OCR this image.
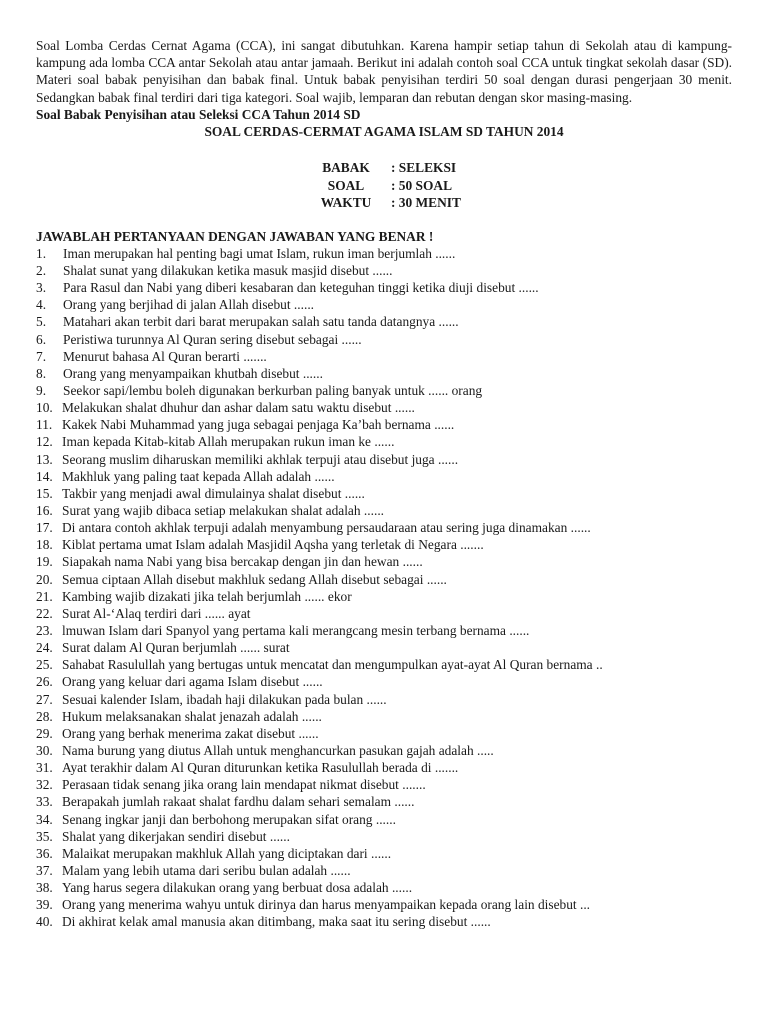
Soal Lomba Cerdas Cernat Agama (CCA), ini sangat dibutuhkan. Karena hampir setiap tahun di Sekolah atau di kampung-kampung ada lomba CCA antar Sekolah atau antar jamaah. Berikut ini adalah contoh soal CCA untuk tingkat sekolah dasar (SD). Materi soal babak penyisihan dan babak final. Untuk babak penyisihan terdiri 50 soal dengan durasi pengerjaan 30 menit. Sedangkan babak final terdiri dari tiga kategori. Soal wajib, lemparan dan rebutan dengan skor masing-masing.

Soal Babak Penyisihan atau Seleksi CCA Tahun 2014 SD

SOAL CERDAS-CERMAT AGAMA ISLAM SD TAHUN 2014

BABAK	: SELEKSI
SOAL	: 50 SOAL
WAKTU	: 30 MENIT

JAWABLAH PERTANYAAN DENGAN JAWABAN YANG BENAR !

1.	Iman merupakan hal penting bagi umat Islam, rukun iman berjumlah ......
2.	Shalat sunat yang dilakukan ketika masuk masjid disebut ......
3.	Para Rasul dan Nabi yang diberi kesabaran dan keteguhan tinggi ketika diuji disebut ......
4.	Orang yang berjihad di jalan Allah disebut ......
5.	Matahari akan terbit dari barat merupakan salah satu tanda datangnya ......
6.	Peristiwa turunnya Al Quran sering disebut sebagai ......
7.	Menurut bahasa Al Quran berarti .......
8.	Orang yang menyampaikan khutbah disebut ......
9.	Seekor sapi/lembu boleh digunakan berkurban paling banyak untuk ...... orang
10. Melakukan shalat dhuhur dan ashar dalam satu waktu disebut ......
11. Kakek Nabi Muhammad yang juga sebagai penjaga Ka’bah bernama ......
12. Iman kepada Kitab-kitab Allah merupakan rukun iman ke ......
13. Seorang muslim diharuskan memiliki akhlak terpuji atau disebut juga ......
14. Makhluk yang paling taat kepada Allah adalah ......
15. Takbir yang menjadi awal dimulainya shalat disebut ......
16. Surat yang wajib dibaca setiap melakukan shalat adalah ......
17. Di antara contoh akhlak terpuji adalah menyambung persaudaraan atau sering juga dinamakan ......
18. Kiblat pertama umat Islam adalah Masjidil Aqsha yang terletak di Negara .......
19. Siapakah nama Nabi yang bisa bercakap dengan jin dan hewan ......
20. Semua ciptaan Allah disebut makhluk sedang Allah disebut sebagai ......
21. Kambing wajib dizakati jika telah berjumlah ...... ekor
22. Surat Al-‘Alaq terdiri dari ...... ayat
23. lmuwan Islam dari Spanyol yang pertama kali merangcang mesin terbang bernama ......
24. Surat dalam Al Quran berjumlah ...... surat
25. Sahabat Rasulullah yang bertugas untuk mencatat dan mengumpulkan ayat-ayat Al Quran bernama ..
26. Orang yang keluar dari agama Islam disebut ......
27. Sesuai kalender Islam, ibadah haji dilakukan pada bulan ......
28. Hukum melaksanakan shalat jenazah adalah ......
29. Orang yang berhak menerima zakat disebut ......
30. Nama burung yang diutus Allah untuk menghancurkan pasukan gajah adalah .....
31. Ayat terakhir dalam Al Quran diturunkan ketika Rasulullah berada di .......
32. Perasaan tidak senang jika orang lain mendapat nikmat disebut .......
33. Berapakah jumlah rakaat shalat fardhu dalam sehari semalam ......
34. Senang ingkar janji dan berbohong merupakan sifat orang ......
35. Shalat yang dikerjakan sendiri disebut ......
36. Malaikat merupakan makhluk Allah yang diciptakan dari ......
37. Malam yang lebih utama dari seribu bulan adalah ......
38. Yang harus segera dilakukan orang yang berbuat dosa adalah ......
39. Orang yang menerima wahyu untuk dirinya dan harus menyampaikan kepada orang lain disebut ...
40. Di akhirat kelak amal manusia akan ditimbang, maka saat itu sering disebut ......
